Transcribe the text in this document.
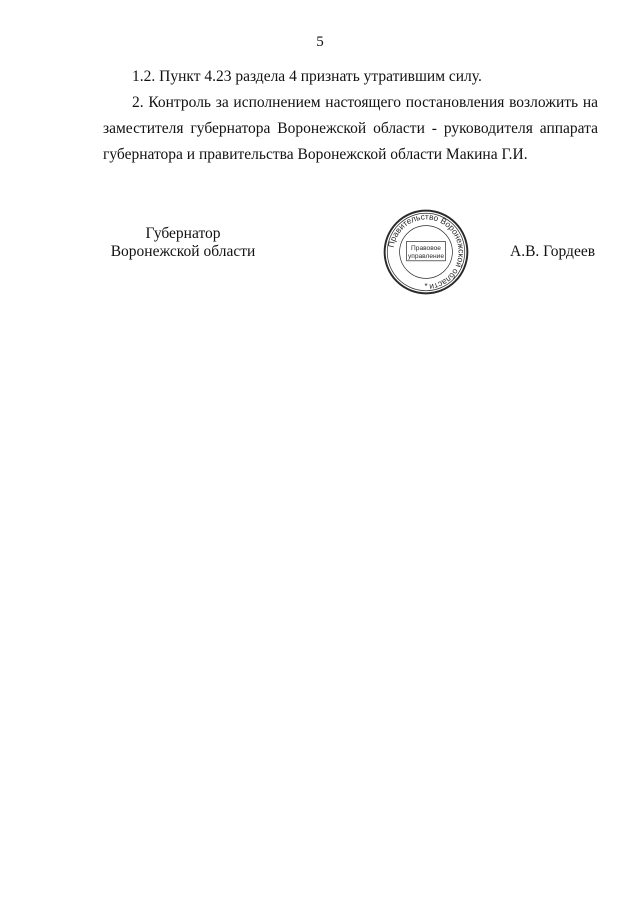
5

1.2. Пункт 4.23 раздела 4 признать утратившим силу.

2. Контроль за исполнением настоящего постановления возложить на заместителя губернатора Воронежской области - руководителя аппарата губернатора и правительства Воронежской области Макина Г.И.

Губернатор
Воронежской области	Правительство Воронежской области
Правовое
управление
*
А.В. Гордеев
